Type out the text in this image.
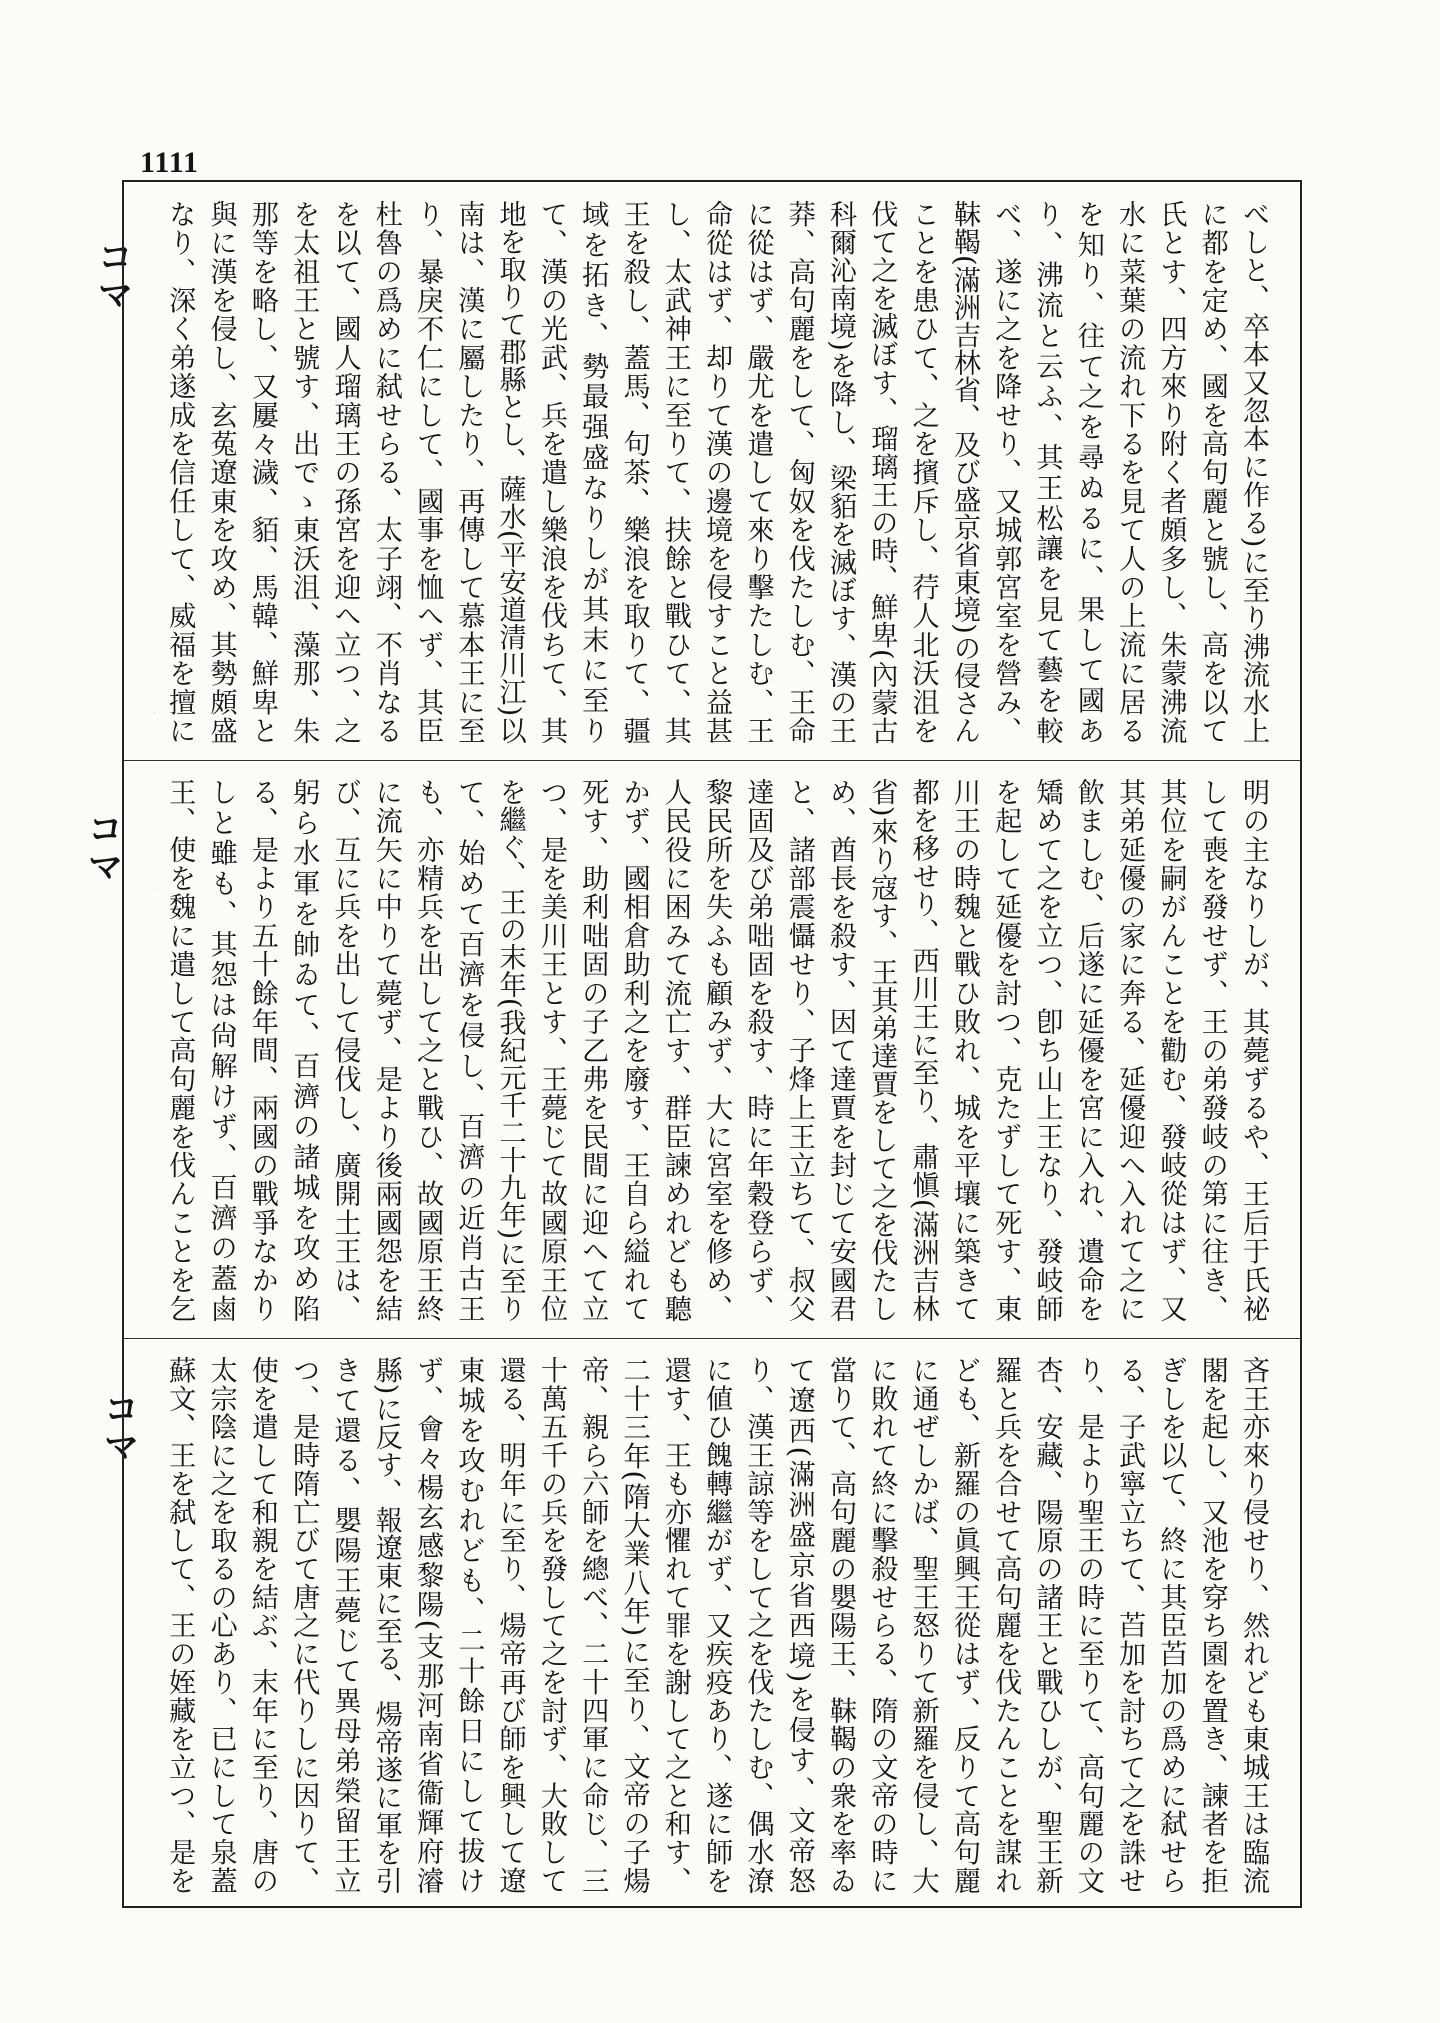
1111
コマ
コマ
コマ
べしと、卒本又忽本に作る)に至り沸流水上に都を定め、國を高句麗と號し、高を以て氏とす、四方來り附く者頗多し、朱蒙沸流水に菜葉の流れ下るを見て人の上流に居るを知り、往て之を尋ぬるに、果して國あり、沸流と云ふ、其王松讓を見て藝を較べ、遂に之を降せり、又城郭宮室を營み、靺鞨(滿洲吉林省、及び盛京省東境)の侵さんことを患ひて、之を擯斥し、荇人北沃沮を伐て之を滅ぼす、瑠璃王の時、鮮卑(內蒙古科爾沁南境)を降し、梁貊を滅ぼす、漢の王莽、高句麗をして、匈奴を伐たしむ、王命に從はず、嚴尤を遣して來り擊たしむ、王命從はず、却りて漢の邊境を侵すこと益甚し、太武神王に至りて、扶餘と戰ひて、其王を殺し、蓋馬、句茶、樂浪を取りて、疆域を拓き、勢最强盛なりしが其末に至りて、漢の光武、兵を遣し樂浪を伐ちて、其地を取りて郡縣とし、薩水(平安道清川江)以南は、漢に屬したり、再傳して慕本王に至り、暴戾不仁にして、國事を恤へず、其臣杜魯の爲めに弑せらる、太子翊、不肖なるを以て、國人瑠璃王の孫宮を迎へ立つ、之を太祖王と號す、出でゝ東沃沮、藻那、朱那等を略し、又屢々濊、貊、馬韓、鮮卑と與に漢を侵し、玄菟遼東を攻め、其勢頗盛なり、深く弟遂成を信任して、威福を擅に
明の主なりしが、其薨ずるや、王后于氏祕して喪を發せず、王の弟發岐の第に往き、其位を嗣がんことを勸む、發岐從はず、又其弟延優の家に奔る、延優迎へ入れて之に飮ましむ、后遂に延優を宮に入れ、遺命を矯めて之を立つ、卽ち山上王なり、發岐師を起して延優を討つ、克たずして死す、東川王の時魏と戰ひ敗れ、城を平壤に築きて都を移せり、西川王に至り、肅愼(滿洲吉林省)來り寇す、王其弟達賈をして之を伐たしめ、酋長を殺す、因て達賈を封じて安國君と、諸部震懾せり、子烽上王立ちて、叔父達固及び弟咄固を殺す、時に年穀登らず、黎民所を失ふも顧みず、大に宮室を修め、人民役に困みて流亡す、群臣諫めれども聽かず、國相倉助利之を廢す、王自ら縊れて死す、助利咄固の子乙弗を民間に迎へて立つ、是を美川王とす、王薨じて故國原王位を繼ぐ、王の末年(我紀元千二十九年)に至りて、始めて百濟を侵し、百濟の近肖古王も、亦精兵を出して之と戰ひ、故國原王終に流矢に中りて薨ず、是より後兩國怨を結び、互に兵を出して侵伐し、廣開土王は、躬ら水軍を帥ゐて、百濟の諸城を攻め陷る、是より五十餘年間、兩國の戰爭なかりしと雖も、其怨は尙解けず、百濟の蓋鹵王、使を魏に遣して高句麗を伐んことを乞
吝王亦來り侵せり、然れども東城王は臨流閣を起し、又池を穿ち園を置き、諫者を拒ぎしを以て、終に其臣苩加の爲めに弑せらる、子武寧立ちて、苩加を討ちて之を誅せり、是より聖王の時に至りて、高句麗の文杏、安藏、陽原の諸王と戰ひしが、聖王新羅と兵を合せて高句麗を伐たんことを謀れども、新羅の眞興王從はず、反りて高句麗に通ぜしかば、聖王怒りて新羅を侵し、大に敗れて終に擊殺せらる、隋の文帝の時に當りて、高句麗の嬰陽王、靺鞨の衆を率ゐて遼西(滿洲盛京省西境)を侵す、文帝怒り、漢王諒等をして之を伐たしむ、偶水潦に値ひ餽轉繼がず、又疾疫あり、遂に師を還す、王も亦懼れて罪を謝して之と和す、二十三年(隋大業八年)に至り、文帝の子煬帝、親ら六師を總べ、二十四軍に命じ、三十萬五千の兵を發して之を討ず、大敗して還る、明年に至り、煬帝再び師を興して遼東城を攻むれども、二十餘日にして拔けず、會々楊玄感黎陽(支那河南省衞輝府濬縣)に反す、報遼東に至る、煬帝遂に軍を引きて還る、嬰陽王薨じて異母弟榮留王立つ、是時隋亡びて唐之に代りしに因りて、使を遣して和親を結ぶ、末年に至り、唐の太宗陰に之を取るの心あり、已にして泉蓋蘇文、王を弑して、王の姪藏を立つ、是を
